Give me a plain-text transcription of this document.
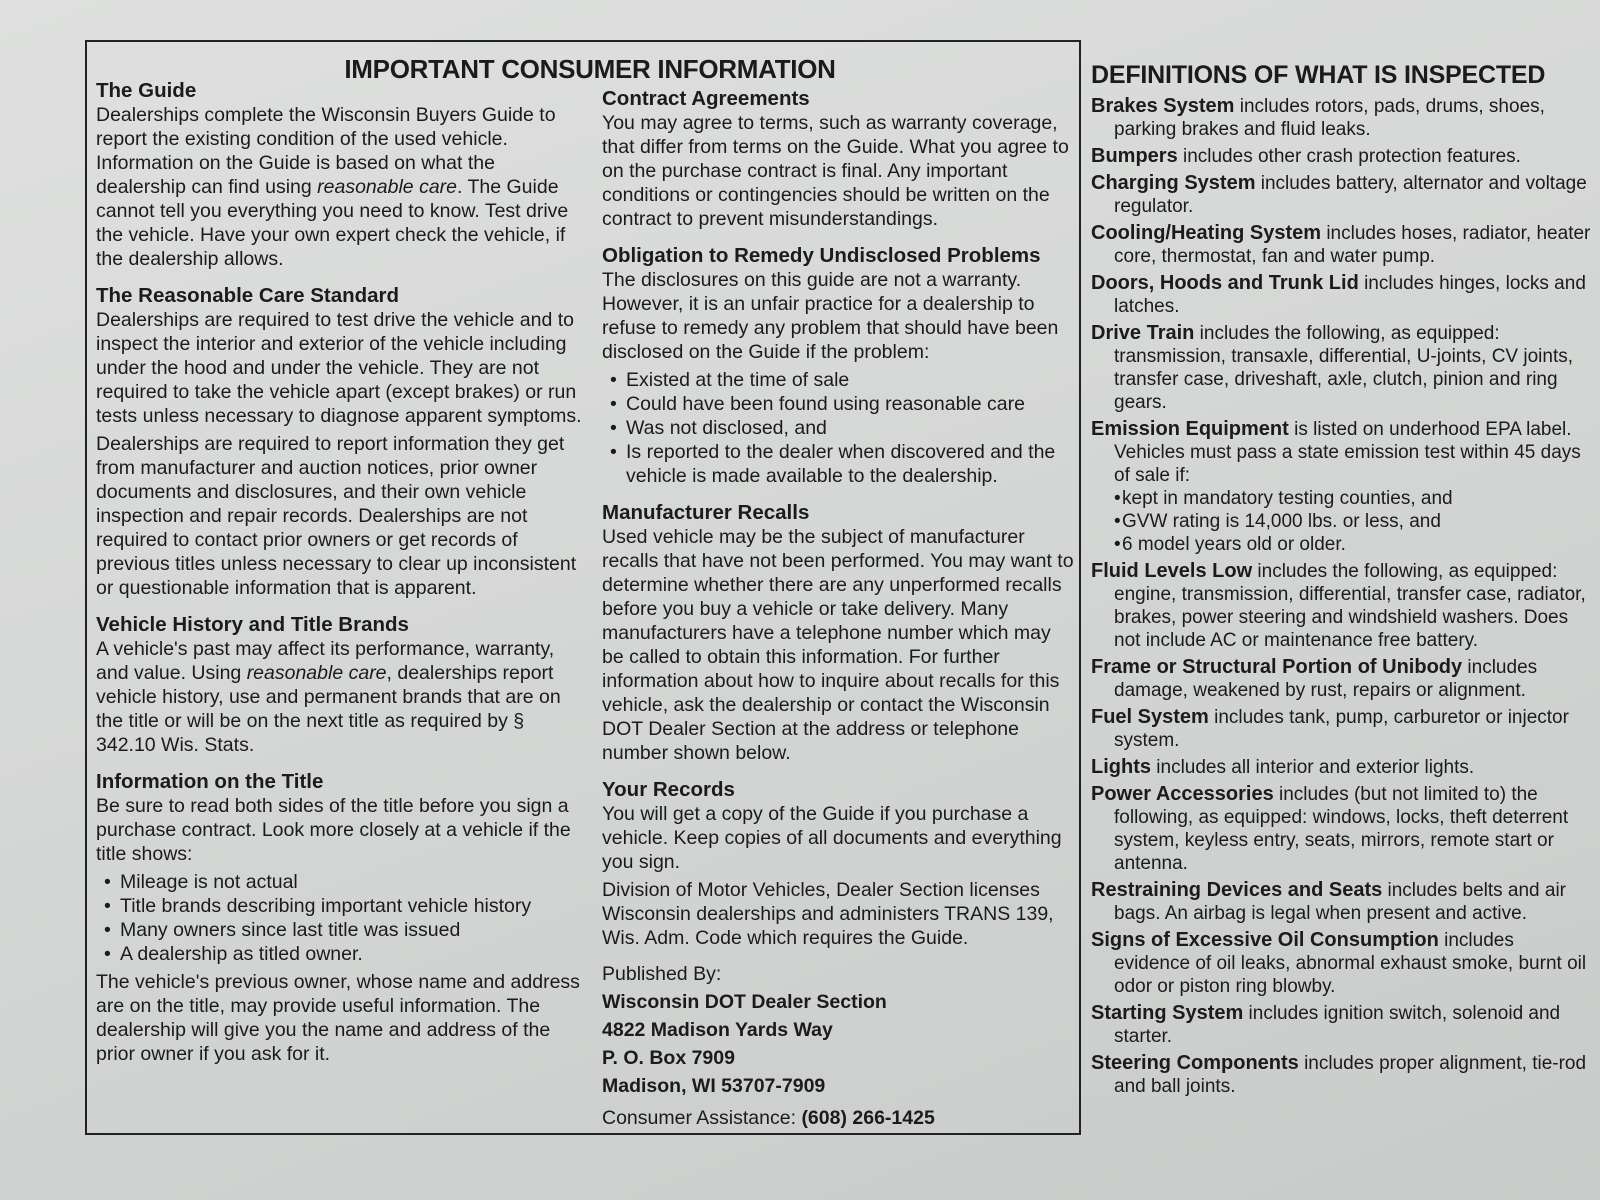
IMPORTANT CONSUMER INFORMATION
The Guide

Dealerships complete the Wisconsin Buyers Guide to report the existing condition of the used vehicle. Information on the Guide is based on what the dealership can find using reasonable care. The Guide cannot tell you everything you need to know. Test drive the vehicle. Have your own expert check the vehicle, if the dealership allows.

The Reasonable Care Standard

Dealerships are required to test drive the vehicle and to inspect the interior and exterior of the vehicle including under the hood and under the vehicle. They are not required to take the vehicle apart (except brakes) or run tests unless necessary to diagnose apparent symptoms.

Dealerships are required to report information they get from manufacturer and auction notices, prior owner documents and disclosures, and their own vehicle inspection and repair records. Dealerships are not required to contact prior owners or get records of previous titles unless necessary to clear up inconsistent or questionable information that is apparent.

Vehicle History and Title Brands

A vehicle's past may affect its performance, warranty, and value. Using reasonable care, dealerships report vehicle history, use and permanent brands that are on the title or will be on the next title as required by § 342.10 Wis. Stats.

Information on the Title

Be sure to read both sides of the title before you sign a purchase contract. Look more closely at a vehicle if the title shows:

• Mileage is not actual
• Title brands describing important vehicle history
• Many owners since last title was issued
• A dealership as titled owner.

The vehicle's previous owner, whose name and address are on the title, may provide useful information. The dealership will give you the name and address of the prior owner if you ask for it.

Contract Agreements

You may agree to terms, such as warranty coverage, that differ from terms on the Guide. What you agree to on the purchase contract is final. Any important conditions or contingencies should be written on the contract to prevent misunderstandings.

Obligation to Remedy Undisclosed Problems

The disclosures on this guide are not a warranty. However, it is an unfair practice for a dealership to refuse to remedy any problem that should have been disclosed on the Guide if the problem:

• Existed at the time of sale
• Could have been found using reasonable care
• Was not disclosed, and
• Is reported to the dealer when discovered and the vehicle is made available to the dealership.
Manufacturer Recalls

Used vehicle may be the subject of manufacturer recalls that have not been performed. You may want to determine whether there are any unperformed recalls before you buy a vehicle or take delivery. Many manufacturers have a telephone number which may be called to obtain this information. For further information about how to inquire about recalls for this vehicle, ask the dealership or contact the Wisconsin DOT Dealer Section at the address or telephone number shown below.

Your Records

You will get a copy of the Guide if you purchase a vehicle. Keep copies of all documents and everything you sign.

Division of Motor Vehicles, Dealer Section licenses Wisconsin dealerships and administers TRANS 139, Wis. Adm. Code which requires the Guide.

Published By:
Wisconsin DOT Dealer Section
4822 Madison Yards Way
P. O. Box 7909
Madison, WI 53707-7909
Consumer Assistance: (608) 266-1425
DEFINITIONS OF WHAT IS INSPECTED
Brakes System includes rotors, pads, drums, shoes, parking brakes and fluid leaks.
Bumpers includes other crash protection features.
Charging System includes battery, alternator and voltage regulator.
Cooling/Heating System includes hoses, radiator, heater core, thermostat, fan and water pump.
Doors, Hoods and Trunk Lid includes hinges, locks and latches.
Drive Train includes the following, as equipped: transmission, transaxle, differential, U-joints, CV joints, transfer case, driveshaft, axle, clutch, pinion and ring gears.
Emission Equipment is listed on underhood EPA label. Vehicles must pass a state emission test within 45 days of sale if:
• kept in mandatory testing counties, and
• GVW rating is 14,000 lbs. or less, and
• 6 model years old or older.
Fluid Levels Low includes the following, as equipped: engine, transmission, differential, transfer case, radiator, brakes, power steering and windshield washers. Does not include AC or maintenance free battery.
Frame or Structural Portion of Unibody includes damage, weakened by rust, repairs or alignment.
Fuel System includes tank, pump, carburetor or injector system.
Lights includes all interior and exterior lights.
Power Accessories includes (but not limited to) the following, as equipped: windows, locks, theft deterrent system, keyless entry, seats, mirrors, remote start or antenna.
Restraining Devices and Seats includes belts and air bags. An airbag is legal when present and active.
Signs of Excessive Oil Consumption includes evidence of oil leaks, abnormal exhaust smoke, burnt oil odor or piston ring blowby.
Starting System includes ignition switch, solenoid and starter.
Steering Components includes proper alignment, tie-rod and ball joints.
